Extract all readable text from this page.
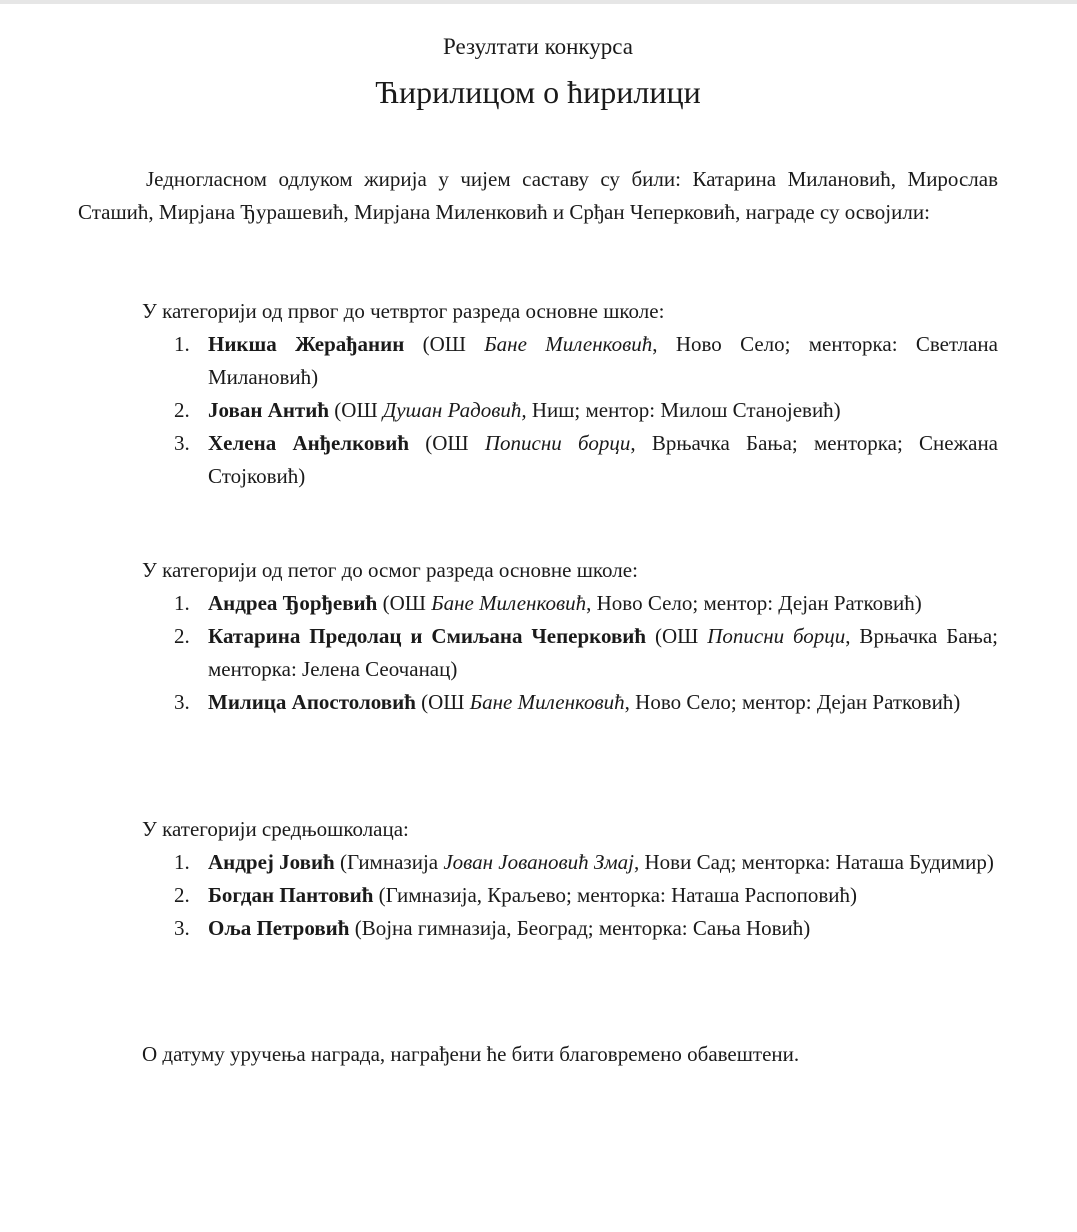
Резултати конкурса
Ћирилицом о ћирилици

Једногласном одлуком жирија у чијем саставу су били: Катарина Милановић, Мирослав Сташић, Мирјана Ђурашевић, Мирјана Миленковић и Срђан Чеперковић, награде су освојили:

У категорији од првог до четвртог разреда основне школе:

1. Никша Жерађанин (ОШ Бане Миленковић, Ново Село; менторка: Светлана Милановић)
2. Јован Антић (ОШ Душан Радовић, Ниш; ментор: Милош Станојевић)
3. Хелена Анђелковић (ОШ Пописни борци, Врњачка Бања; менторка; Снежана Стојковић)

У категорији од петог до осмог разреда основне школе:

1. Андреа Ђорђевић (ОШ Бане Миленковић, Ново Село; ментор: Дејан Ратковић)
2. Катарина Предолац и Смиљана Чеперковић (ОШ Пописни борци, Врњачка Бања; менторка: Јелена Сеочанац)
3. Милица Апостоловић (ОШ Бане Миленковић, Ново Село; ментор: Дејан Ратковић)

У категорији средњошколаца:

1. Андреј Јовић (Гимназија Јован Јовановић Змај, Нови Сад; менторка: Наташа Будимир)
2. Богдан Пантовић (Гимназија, Краљево; менторка: Наташа Распоповић)
3. Ољa Петровић (Војна гимназија, Београд; менторка: Сања Новић)

О датуму уручења награда, награђени ће бити благовремено обавештени.
